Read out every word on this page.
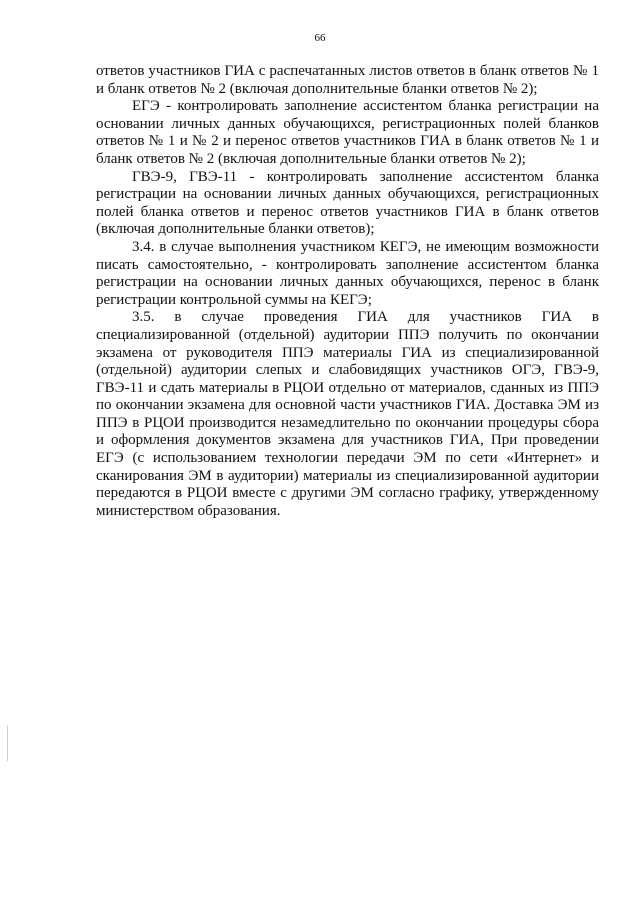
66

ответов участников ГИА с распечатанных листов ответов в бланк ответов № 1 и бланк ответов № 2 (включая дополнительные бланки ответов № 2);

ЕГЭ - контролировать заполнение ассистентом бланка регистрации на основании личных данных обучающихся, регистрационных полей бланков ответов № 1 и № 2 и перенос ответов участников ГИА в бланк ответов № 1 и бланк ответов № 2 (включая дополнительные бланки ответов № 2);

ГВЭ-9, ГВЭ-11 - контролировать заполнение ассистентом бланка регистрации на основании личных данных обучающихся, регистрационных полей бланка ответов и перенос ответов участников ГИА в бланк ответов (включая дополнительные бланки ответов);

3.4. в случае выполнения участником КЕГЭ, не имеющим возможности писать самостоятельно, - контролировать заполнение ассистентом бланка регистрации на основании личных данных обучающихся, перенос в бланк регистрации контрольной суммы на КЕГЭ;

3.5. в случае проведения ГИА для участников ГИА в специализированной (отдельной) аудитории ППЭ получить по окончании экзамена от руководителя ППЭ материалы ГИА из специализированной (отдельной) аудитории слепых и слабовидящих участников ОГЭ, ГВЭ-9, ГВЭ-11 и сдать материалы в РЦОИ отдельно от материалов, сданных из ППЭ по окончании экзамена для основной части участников ГИА. Доставка ЭМ из ППЭ в РЦОИ производится незамедлительно по окончании процедуры сбора и оформления документов экзамена для участников ГИА, При проведении ЕГЭ (с использованием технологии передачи ЭМ по сети «Интернет» и сканирования ЭМ в аудитории) материалы из специализированной аудитории передаются в РЦОИ вместе с другими ЭМ согласно графику, утвержденному министерством образования.
